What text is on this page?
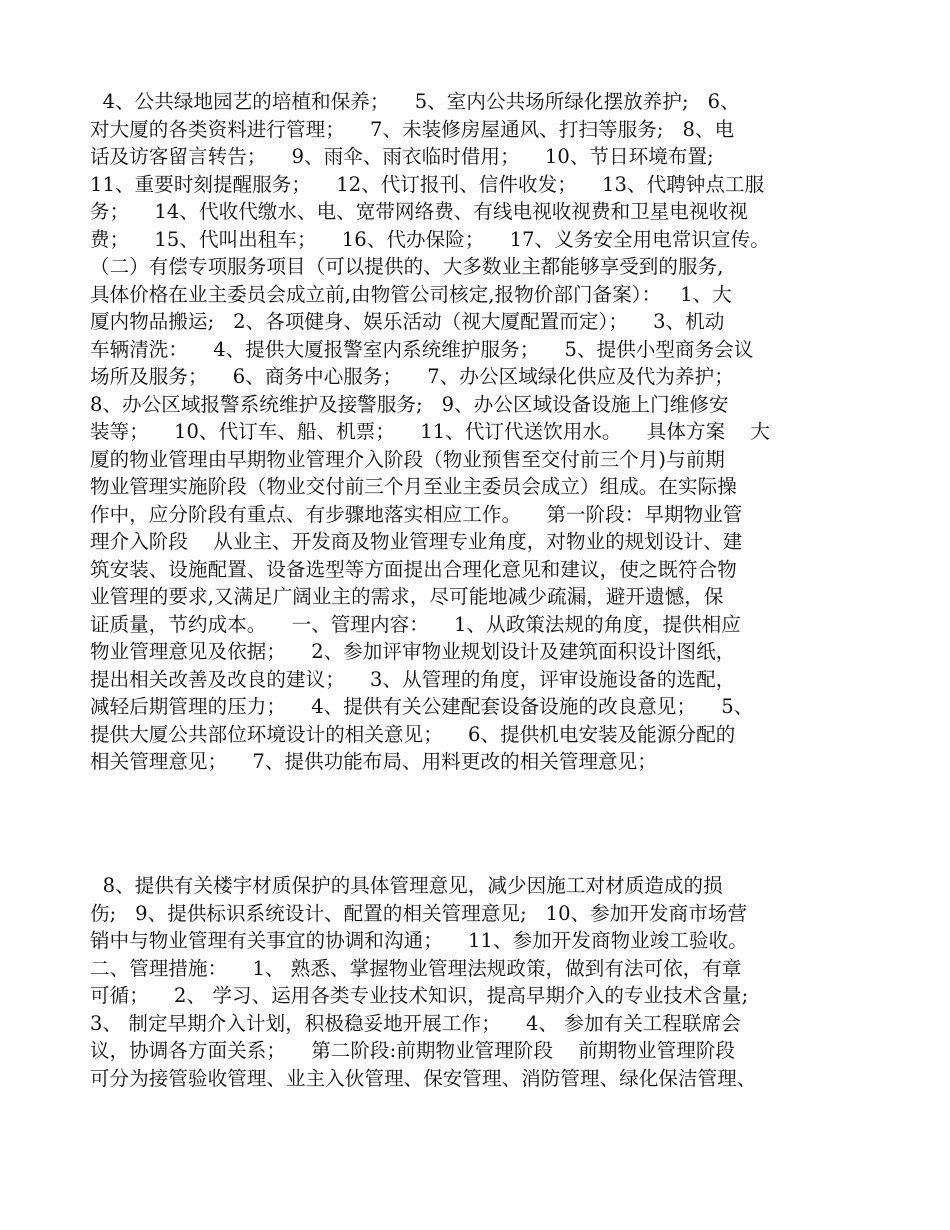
4、公共绿地园艺的培植和保养；    5、室内公共场所绿化摆放养护;   6、
对大厦的各类资料进行管理；    7、未装修房屋通风、打扫等服务;   8、电
话及访客留言转告；    9、雨伞、雨衣临时借用；    10、节日环境布置;
11、重要时刻提醒服务；    12、代订报刊、信件收发；    13、代聘钟点工服
务；    14、代收代缴水、电、宽带网络费、有线电视收视费和卫星电视收视
费；    15、代叫出租车；    16、代办保险；    17、义务安全用电常识宣传。
（二）有偿专项服务项目（可以提供的、大多数业主都能够享受到的服务,
具体价格在业主委员会成立前,由物管公司核定,报物价部门备案）：   1、大
厦内物品搬运;   2、各项健身、娱乐活动（视大厦配置而定）；    3、机动
车辆清洗：    4、提供大厦报警室内系统维护服务；    5、提供小型商务会议
场所及服务；    6、商务中心服务；    7、办公区域绿化供应及代为养护；
8、办公区域报警系统维护及接警服务;   9、办公区域设备设施上门维修安
装等；    10、代订车、船、机票；    11、代订代送饮用水。    具体方案    大
厦的物业管理由早期物业管理介入阶段（物业预售至交付前三个月)与前期
物业管理实施阶段（物业交付前三个月至业主委员会成立）组成。在实际操
作中，应分阶段有重点、有步骤地落实相应工作。    第一阶段：早期物业管
理介入阶段    从业主、开发商及物业管理专业角度，对物业的规划设计、建
筑安装、设施配置、设备选型等方面提出合理化意见和建议，使之既符合物
业管理的要求,又满足广阔业主的需求，尽可能地减少疏漏，避开遗憾，保
证质量，节约成本。    一、管理内容：    1、从政策法规的角度，提供相应
物业管理意见及依据；    2、参加评审物业规划设计及建筑面积设计图纸，
提出相关改善及改良的建议；    3、从管理的角度，评审设施设备的选配，
减轻后期管理的压力；    4、提供有关公建配套设备设施的改良意见；    5、
提供大厦公共部位环境设计的相关意见；    6、提供机电安装及能源分配的
相关管理意见；    7、提供功能布局、用料更改的相关管理意见；
8、提供有关楼宇材质保护的具体管理意见，减少因施工对材质造成的损
伤;   9、提供标识系统设计、配置的相关管理意见;   10、参加开发商市场营
销中与物业管理有关事宜的协调和沟通；    11、参加开发商物业竣工验收。
二、管理措施：    1、 熟悉、掌握物业管理法规政策，做到有法可依，有章
可循；    2、 学习、运用各类专业技术知识，提高早期介入的专业技术含量;
3、 制定早期介入计划，积极稳妥地开展工作；    4、 参加有关工程联席会
议，协调各方面关系；    第二阶段:前期物业管理阶段    前期物业管理阶段
可分为接管验收管理、业主入伙管理、保安管理、消防管理、绿化保洁管理、
